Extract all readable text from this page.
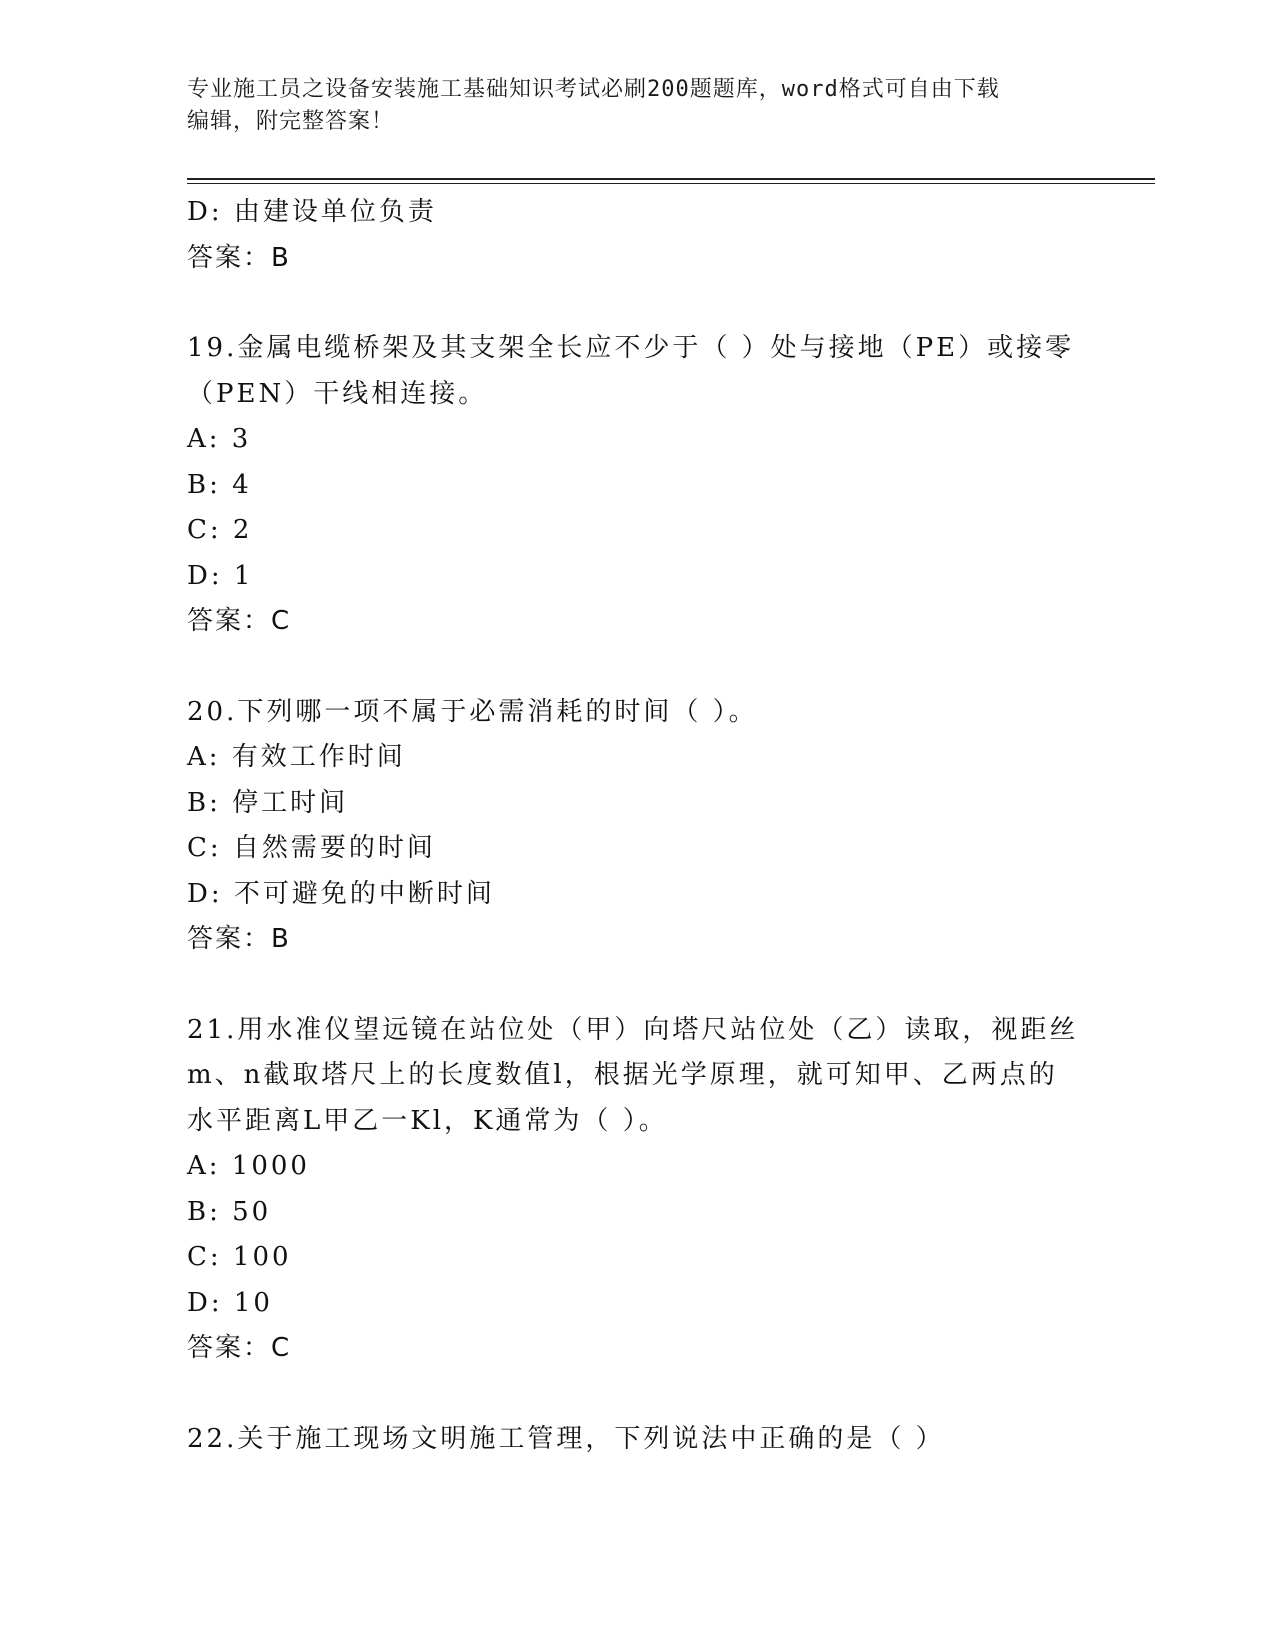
专业施工员之设备安装施工基础知识考试必刷200题题库，word格式可自由下载
编辑，附完整答案！
D: 由建设单位负责
答案：B
19.金属电缆桥架及其支架全长应不少于（ ）处与接地（PE）或接零
（PEN）干线相连接。
A: 3
B: 4
C: 2
D: 1
答案：C
20.下列哪一项不属于必需消耗的时间（ ）。
A: 有效工作时间
B: 停工时间
C: 自然需要的时间
D: 不可避免的中断时间
答案：B
21.用水准仪望远镜在站位处（甲）向塔尺站位处（乙）读取，视距丝
m、n截取塔尺上的长度数值l，根据光学原理，就可知甲、乙两点的
水平距离L甲乙一Kl，K通常为（ ）。
A: 1000
B: 50
C: 100
D: 10
答案：C
22.关于施工现场文明施工管理，下列说法中正确的是（ ）
